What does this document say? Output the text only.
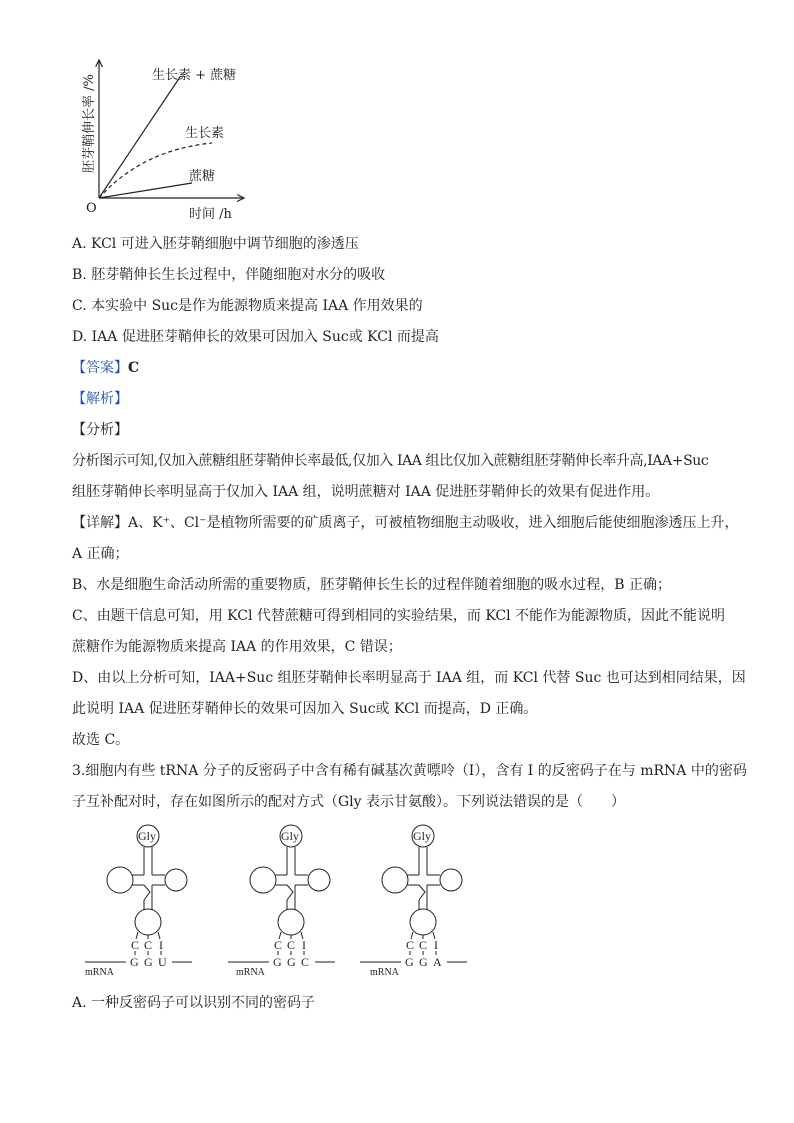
O	时间 /h
胚芽鞘伸长率 /%	生长素 + 蔗糖
生长素
蔗糖
A. KCl 可进入胚芽鞘细胞中调节细胞的渗透压
B. 胚芽鞘伸长生长过程中，伴随细胞对水分的吸收
C. 本实验中 Suc是作为能源物质来提高 IAA 作用效果的
D. IAA 促进胚芽鞘伸长的效果可因加入 Suc或 KCl 而提高
【答案】C
【解析】
【分析】
分析图示可知,仅加入蔗糖组胚芽鞘伸长率最低,仅加入 IAA 组比仅加入蔗糖组胚芽鞘伸长率升高,IAA+Suc
组胚芽鞘伸长率明显高于仅加入 IAA 组，说明蔗糖对 IAA 促进胚芽鞘伸长的效果有促进作用。
【详解】A、K⁺、Cl⁻是植物所需要的矿质离子，可被植物细胞主动吸收，进入细胞后能使细胞渗透压上升，
A 正确；
B、水是细胞生命活动所需的重要物质，胚芽鞘伸长生长的过程伴随着细胞的吸水过程，B 正确；
C、由题干信息可知，用 KCl 代替蔗糖可得到相同的实验结果，而 KCl 不能作为能源物质，因此不能说明
蔗糖作为能源物质来提高 IAA 的作用效果，C 错误；
D、由以上分析可知，IAA+Suc 组胚芽鞘伸长率明显高于 IAA 组，而 KCl 代替 Suc 也可达到相同结果，因
此说明 IAA 促进胚芽鞘伸长的效果可因加入 Suc或 KCl 而提高，D 正确。
故选 C。
3.细胞内有些 tRNA 分子的反密码子中含有稀有碱基次黄嘌呤（I），含有 I 的反密码子在与 mRNA 中的密码
子互补配对时，存在如图所示的配对方式（Gly 表示甘氨酸）。下列说法错误的是（　　）
Gly
C C I
G G U
mRNA
Gly
C C I
G G C
mRNA
Gly
C C I
G G A
mRNA
A. 一种反密码子可以识别不同的密码子
